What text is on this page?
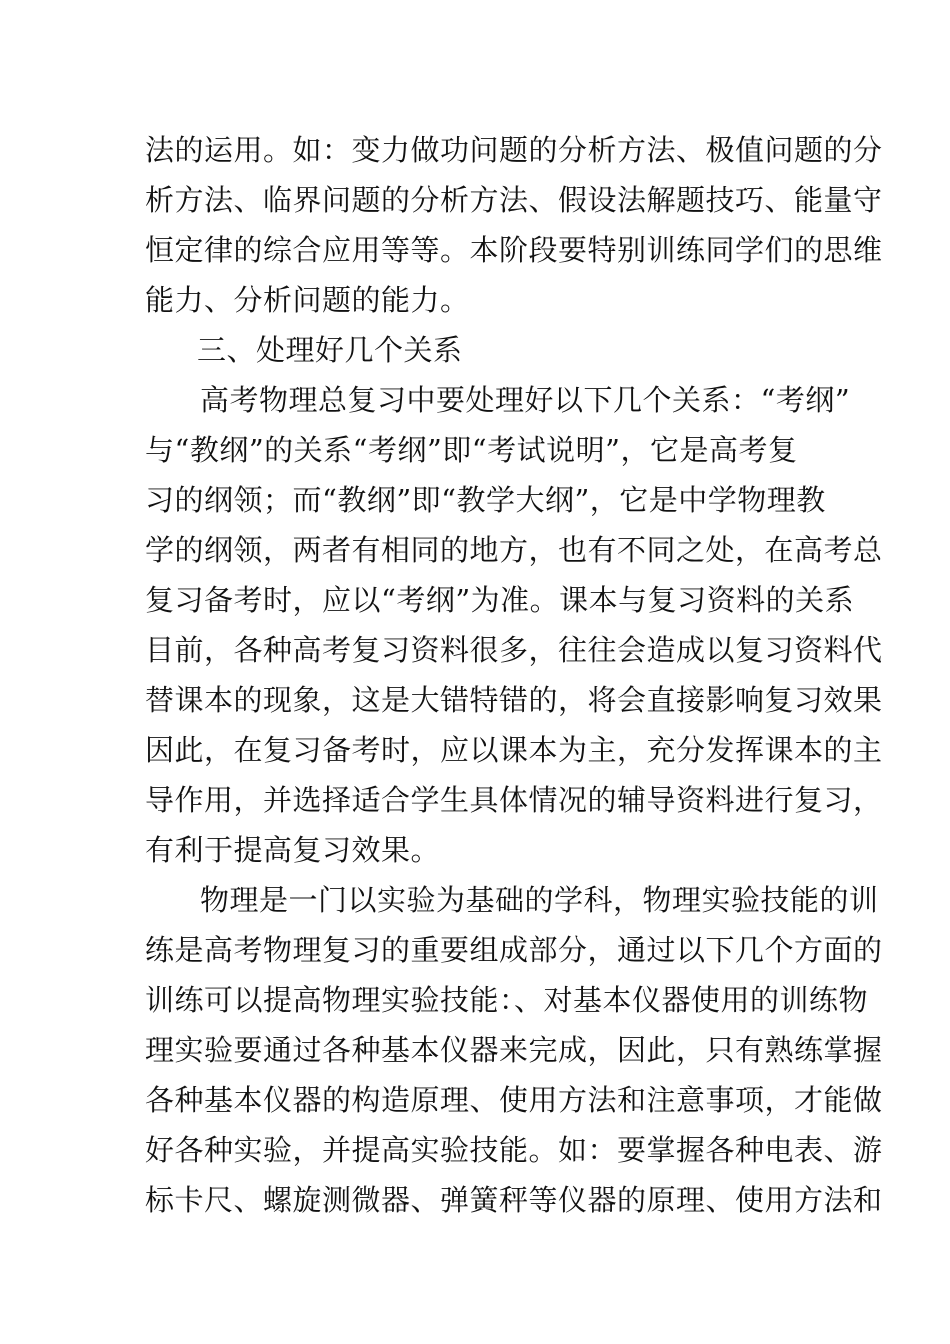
法的运用。如：变力做功问题的分析方法、极值问题的分
析方法、临界问题的分析方法、假设法解题技巧、能量守
恒定律的综合应用等等。本阶段要特别训练同学们的思维
能力、分析问题的能力。
三、处理好几个关系
高考物理总复习中要处理好以下几个关系：“考纲”
与“教纲”的关系“考纲”即“考试说明”，它是高考复
习的纲领；而“教纲”即“教学大纲”，它是中学物理教
学的纲领，两者有相同的地方，也有不同之处，在高考总
复习备考时，应以“考纲”为准。课本与复习资料的关系
目前，各种高考复习资料很多，往往会造成以复习资料代
替课本的现象，这是大错特错的，将会直接影响复习效果
因此，在复习备考时，应以课本为主，充分发挥课本的主
导作用，并选择适合学生具体情况的辅导资料进行复习，
有利于提高复习效果。
物理是一门以实验为基础的学科，物理实验技能的训
练是高考物理复习的重要组成部分，通过以下几个方面的
训练可以提高物理实验技能：、对基本仪器使用的训练物
理实验要通过各种基本仪器来完成，因此，只有熟练掌握
各种基本仪器的构造原理、使用方法和注意事项，才能做
好各种实验，并提高实验技能。如：要掌握各种电表、游
标卡尺、螺旋测微器、弹簧秤等仪器的原理、使用方法和
